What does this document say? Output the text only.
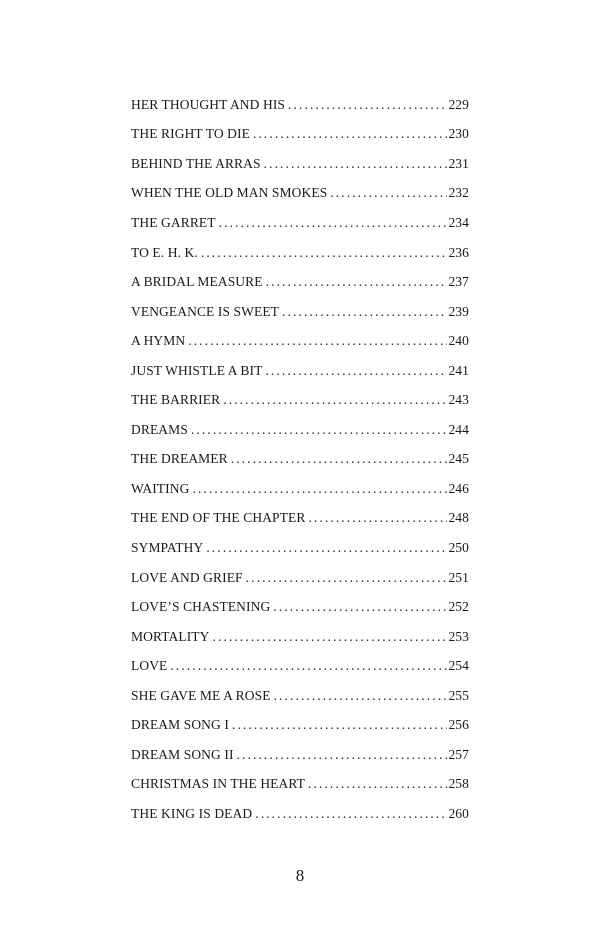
HER THOUGHT AND HIS .....	229
THE RIGHT TO DIE .....	230
BEHIND THE ARRAS .....	231
WHEN THE OLD MAN SMOKES .....	232
THE GARRET .....	234
TO E. H. K. .....	236
A BRIDAL MEASURE .....	237
VENGEANCE IS SWEET .....	239
A HYMN .....	240
JUST WHISTLE A BIT .....	241
THE BARRIER .....	243
DREAMS .....	244
THE DREAMER .....	245
WAITING .....	246
THE END OF THE CHAPTER .....	248
SYMPATHY .....	250
LOVE AND GRIEF .....	251
LOVE’S CHASTENING .....	252
MORTALITY .....	253
LOVE .....	254
SHE GAVE ME A ROSE .....	255
DREAM SONG I .....	256
DREAM SONG II .....	257
CHRISTMAS IN THE HEART .....	258
THE KING IS DEAD .....	260
8
